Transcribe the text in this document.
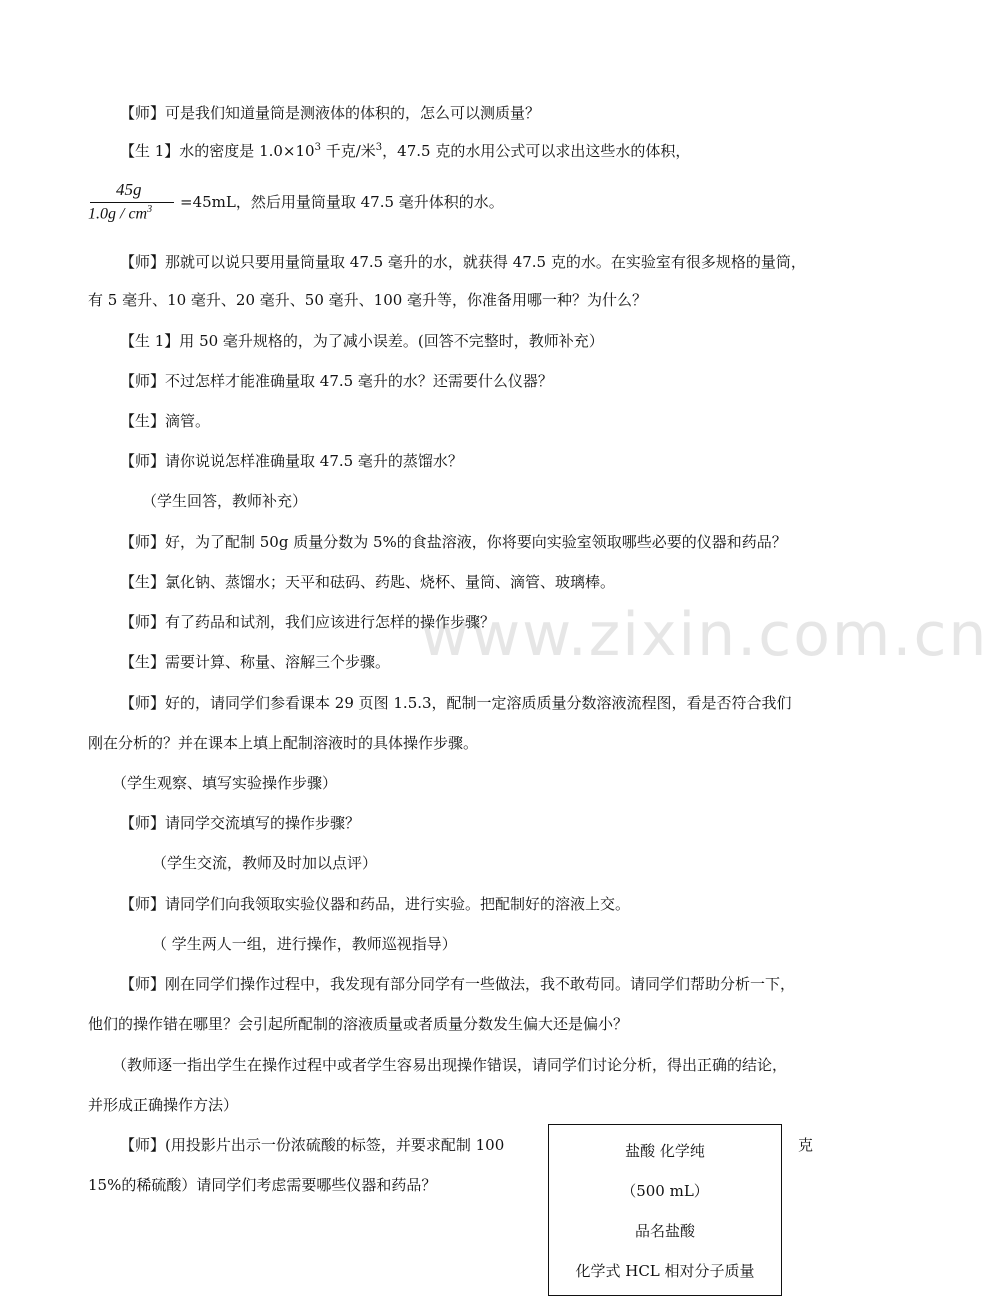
www.zixin.com.cn
【师】可是我们知道量筒是测液体的体积的，怎么可以测质量？
【生 1】水的密度是 $1.0\times 10^3$ 千克/米$^3$，47.5 克的水用公式可以求出这些水的体积，
45g
$1.0g / cm^3 =45mL$，然后用量筒量取 47.5 毫升体积的水。
【师】那就可以说只要用量筒量取 47.5 毫升的水，就获得 47.5 克的水。在实验室有很多规格的量筒，
有 5 毫升、10 毫升、20 毫升、50 毫升、100 毫升等，你准备用哪一种？为什么？
【生 1】用 50 毫升规格的，为了减小误差。(回答不完整时，教师补充）
【师】不过怎样才能准确量取 47.5 毫升的水？还需要什么仪器？
【生】滴管。
【师】请你说说怎样准确量取 47.5 毫升的蒸馏水？
（学生回答，教师补充）
【师】好，为了配制 50g 质量分数为 5%的食盐溶液，你将要向实验室领取哪些必要的仪器和药品？
【生】氯化钠、蒸馏水；天平和砝码、药匙、烧杯、量筒、滴管、玻璃棒。
【师】有了药品和试剂，我们应该进行怎样的操作步骤？
【生】需要计算、称量、溶解三个步骤。
【师】好的，请同学们参看课本 29 页图 1.5.3，配制一定溶质质量分数溶液流程图，看是否符合我们
刚在分析的？并在课本上填上配制溶液时的具体操作步骤。
（学生观察、填写实验操作步骤）
【师】请同学交流填写的操作步骤？
（学生交流，教师及时加以点评）
【师】请同学们向我领取实验仪器和药品，进行实验。把配制好的溶液上交。
（ 学生两人一组，进行操作，教师巡视指导）
【师】刚在同学们操作过程中，我发现有部分同学有一些做法，我不敢苟同。请同学们帮助分析一下，
他们的操作错在哪里？会引起所配制的溶液质量或者质量分数发生偏大还是偏小？
（教师逐一指出学生在操作过程中或者学生容易出现操作错误，请同学们讨论分析，得出正确的结论，
并形成正确操作方法）
【师】(用投影片出示一份浓硫酸的标签，并要求配制 100	克
15%的稀硫酸）请同学们考虑需要哪些仪器和药品？
盐酸 化学纯
（500 mL）
品名盐酸
化学式 HCL 相对分子质量
